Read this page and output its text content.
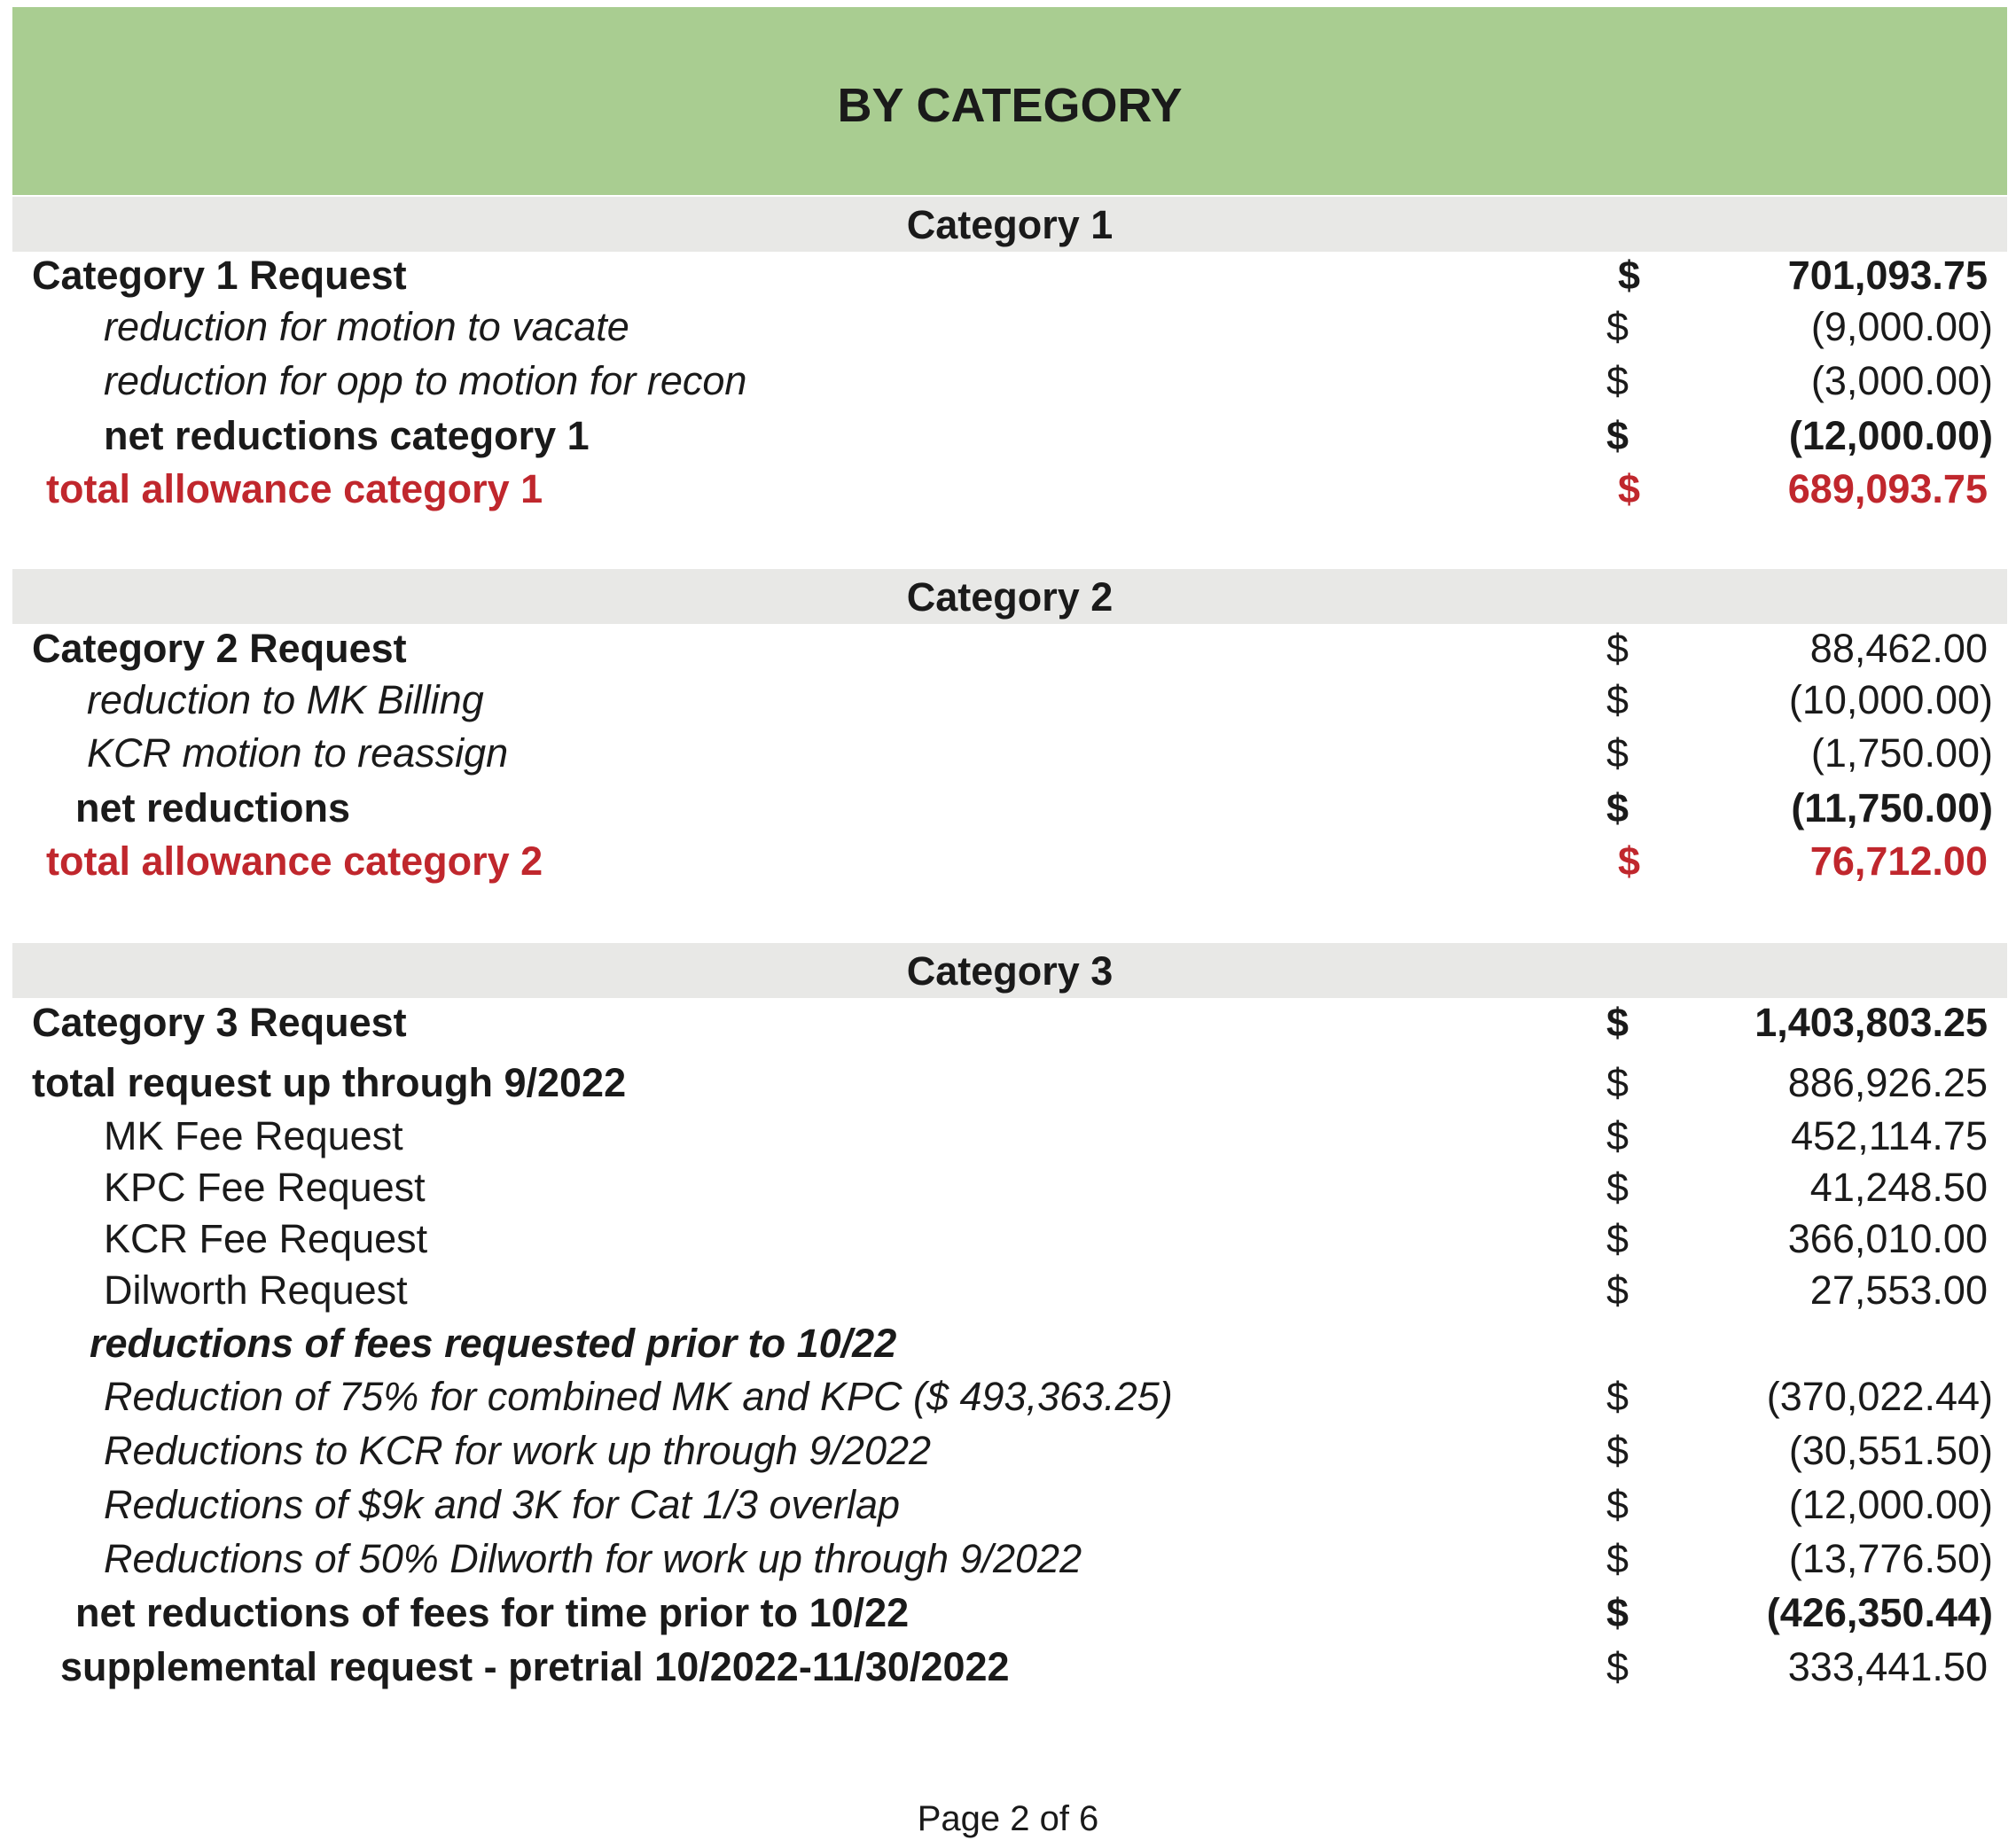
BY CATEGORY
Category 1
Category 1 Request	$	701,093.75
reduction for motion to vacate	$	(9,000.00)
reduction for opp to motion for recon	$	(3,000.00)
net reductions category 1	$	(12,000.00)
total allowance category 1	$	689,093.75
Category 2
Category 2 Request	$	88,462.00
reduction to MK Billing	$	(10,000.00)
KCR motion to reassign	$	(1,750.00)
net reductions	$	(11,750.00)
total allowance category 2	$	76,712.00
Category 3
Category 3 Request	$	1,403,803.25
total request up through 9/2022	$	886,926.25
MK Fee Request	$	452,114.75
KPC Fee Request	$	41,248.50
KCR Fee Request	$	366,010.00
Dilworth Request	$	27,553.00
reductions of fees requested prior to 10/22
Reduction of 75% for combined MK and KPC ($ 493,363.25)	$	(370,022.44)
Reductions to KCR for work up through 9/2022	$	(30,551.50)
Reductions of $9k and 3K for Cat 1/3 overlap	$	(12,000.00)
Reductions of 50% Dilworth for work up through 9/2022	$	(13,776.50)
net reductions of fees for time prior to 10/22	$	(426,350.44)
supplemental request - pretrial 10/2022-11/30/2022	$	333,441.50
Page 2 of 6
